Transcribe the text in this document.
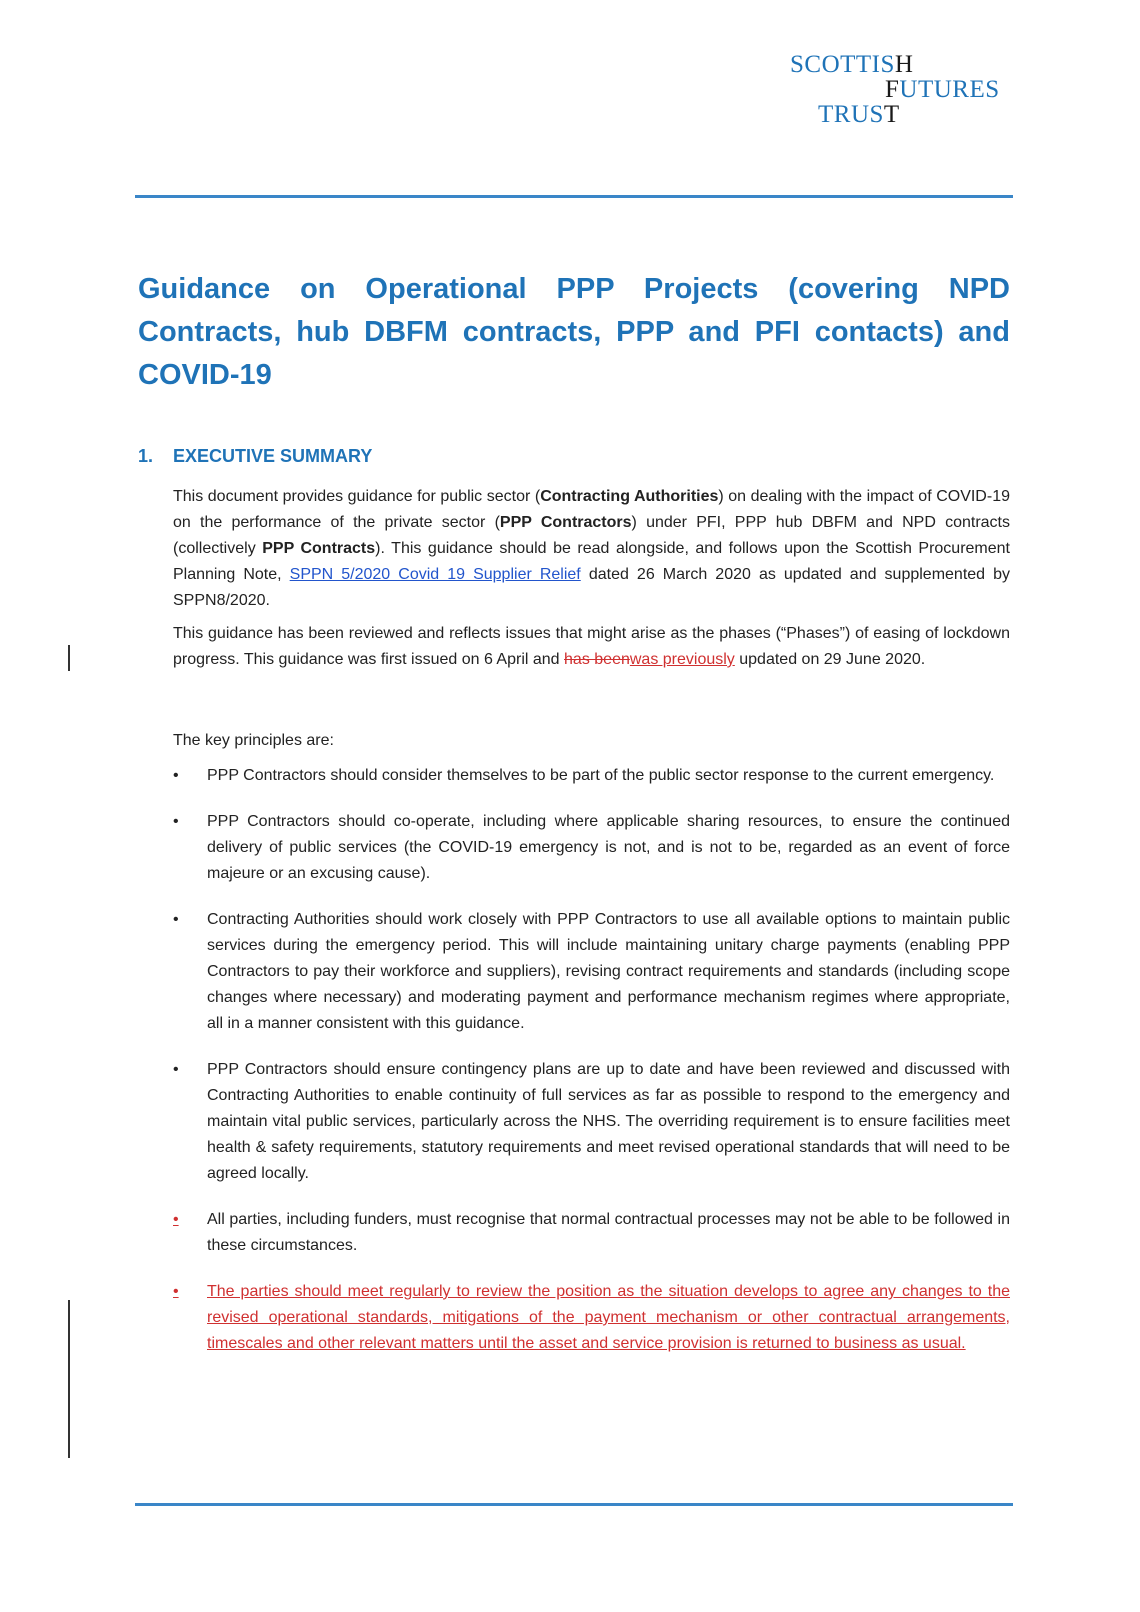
SCOTTISH
FUTURES
TRUST
Guidance on Operational PPP Projects (covering NPD Contracts, hub DBFM contracts, PPP and PFI contacts) and COVID-19
1. EXECUTIVE SUMMARY

This document provides guidance for public sector (Contracting Authorities) on dealing with the impact of COVID-19 on the performance of the private sector (PPP Contractors) under PFI, PPP hub DBFM and NPD contracts (collectively PPP Contracts). This guidance should be read alongside, and follows upon the Scottish Procurement Planning Note, SPPN 5/2020 Covid 19 Supplier Relief dated 26 March 2020 as updated and supplemented by SPPN8/2020.

This guidance has been reviewed and reflects issues that might arise as the phases (“Phases”) of easing of lockdown progress. This guidance was first issued on 6 April and has beenwas previously updated on 29 June 2020.

The key principles are:

•	PPP Contractors should consider themselves to be part of the public sector response to the current emergency.
•	PPP Contractors should co-operate, including where applicable sharing resources, to ensure the continued delivery of public services (the COVID-19 emergency is not, and is not to be, regarded as an event of force majeure or an excusing cause).
•	Contracting Authorities should work closely with PPP Contractors to use all available options to maintain public services during the emergency period. This will include maintaining unitary charge payments (enabling PPP Contractors to pay their workforce and suppliers), revising contract requirements and standards (including scope changes where necessary) and moderating payment and performance mechanism regimes where appropriate, all in a manner consistent with this guidance.
•	PPP Contractors should ensure contingency plans are up to date and have been reviewed and discussed with Contracting Authorities to enable continuity of full services as far as possible to respond to the emergency and maintain vital public services, particularly across the NHS. The overriding requirement is to ensure facilities meet health & safety requirements, statutory requirements and meet revised operational standards that will need to be agreed locally.
•	All parties, including funders, must recognise that normal contractual processes may not be able to be followed in these circumstances.
•	The parties should meet regularly to review the position as the situation develops to agree any changes to the revised operational standards, mitigations of the payment mechanism or other contractual arrangements, timescales and other relevant matters until the asset and service provision is returned to business as usual.
